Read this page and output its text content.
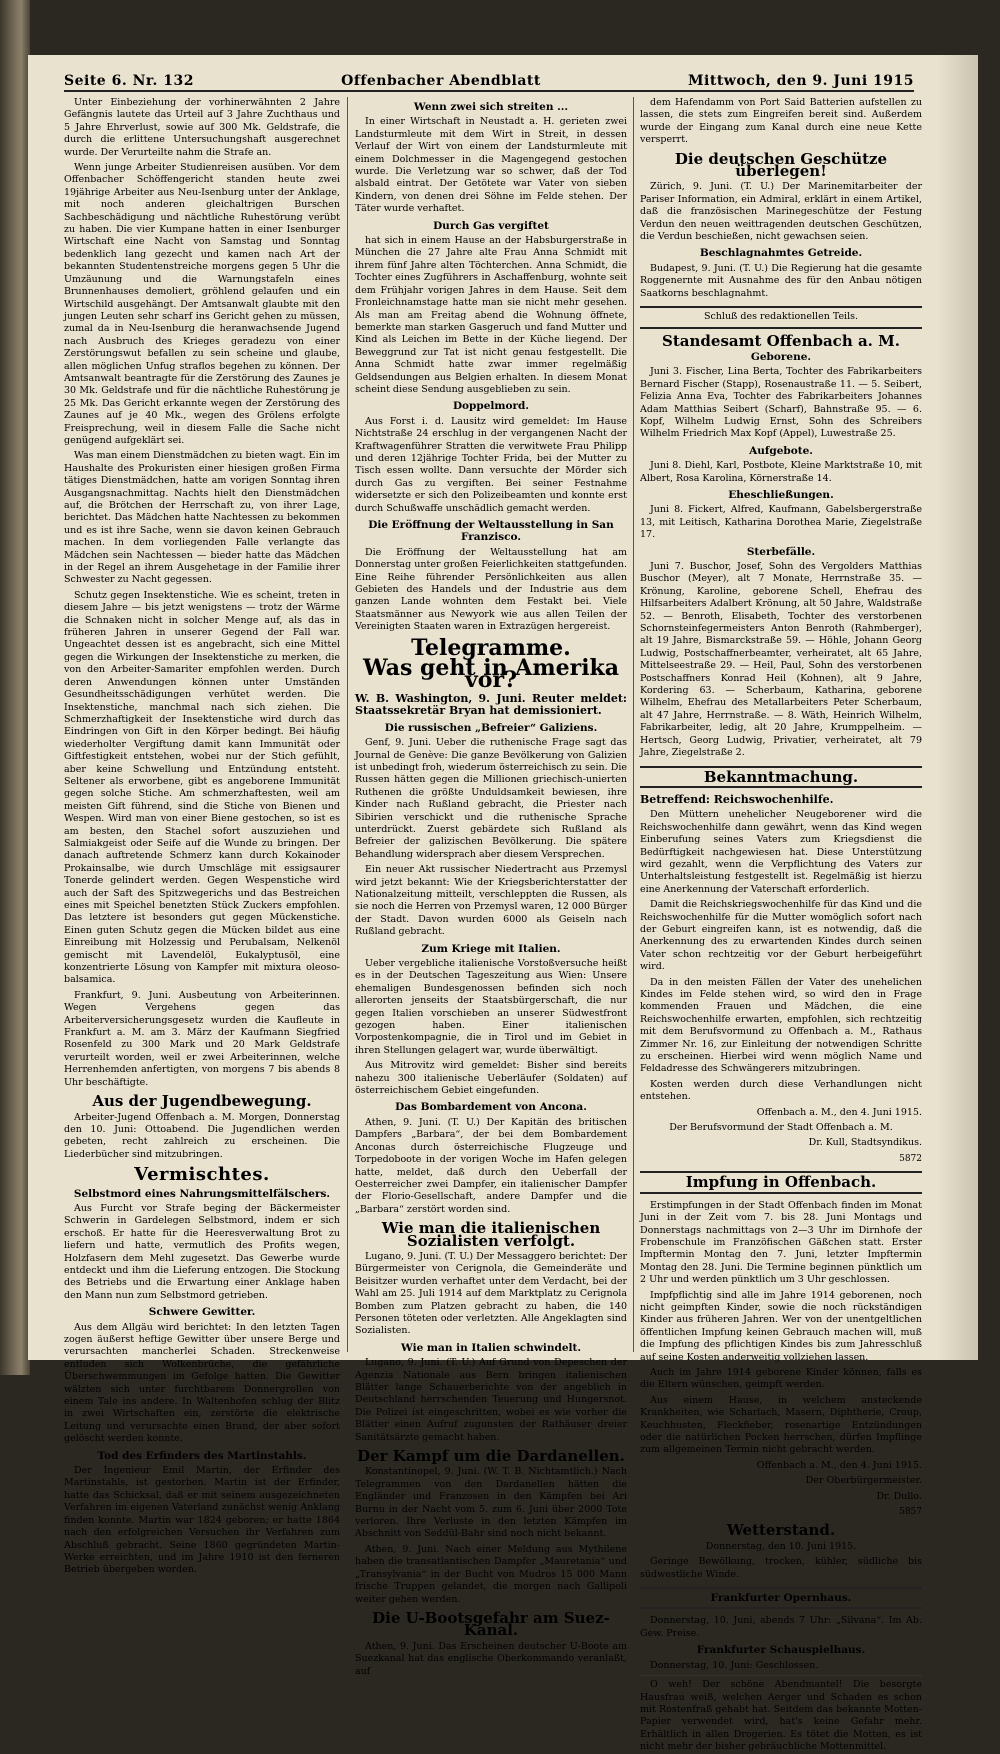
Seite 6. Nr. 132	Offenbacher Abendblatt	Mittwoch, den 9. Juni 1915

Unter Einbeziehung der vorhinerwähnten 2 Jahre Gefängnis lautete das Urteil auf 3 Jahre Zuchthaus und 5 Jahre Ehrverlust, sowie auf 300 Mk. Geldstrafe, die durch die erlittene Untersuchungshaft ausgerechnet wurde. Der Verurteilte nahm die Strafe an.

Wenn junge Arbeiter Studienreisen ausüben. Vor dem Offenbacher Schöffengericht standen heute zwei 19jährige Arbeiter aus Neu-Isenburg unter der Anklage, mit noch anderen gleichaltrigen Burschen Sachbeschädigung und nächtliche Ruhestörung verübt zu haben. Die vier Kumpane hatten in einer Isenburger Wirtschaft eine Nacht von Samstag und Sonntag bedenklich lang gezecht und kamen nach Art der bekannten Studentenstreiche morgens gegen 5 Uhr die Umzäunung und die Warnungstafeln eines Brunnenhauses demoliert, gröhlend gelaufen und ein Wirtschild ausgehängt. Der Amtsanwalt glaubte mit den jungen Leuten sehr scharf ins Gericht gehen zu müssen, zumal da in Neu-Isenburg die heranwachsende Jugend nach Ausbruch des Krieges geradezu von einer Zerstörungswut befallen zu sein scheine und glaube, allen möglichen Unfug straflos begehen zu können. Der Amtsanwalt beantragte für die Zerstörung des Zaunes je 30 Mk. Geldstrafe und für die nächtliche Ruhestörung je 25 Mk. Das Gericht erkannte wegen der Zerstörung des Zaunes auf je 40 Mk., wegen des Grölens erfolgte Freisprechung, weil in diesem Falle die Sache nicht genügend aufgeklärt sei.

Was man einem Dienstmädchen zu bieten wagt. Ein im Haushalte des Prokuristen einer hiesigen großen Firma tätiges Dienstmädchen, hatte am vorigen Sonntag ihren Ausgangsnachmittag. Nachts hielt den Dienstmädchen auf, die Brötchen der Herrschaft zu, von ihrer Lage, berichtet. Das Mädchen hatte Nachtessen zu bekommen und es ist ihre Sache, wenn sie davon keinen Gebrauch machen. In dem vorliegenden Falle verlangte das Mädchen sein Nachtessen — bieder hatte das Mädchen in der Regel an ihrem Ausgehetage in der Familie ihrer Schwester zu Nacht gegessen.

Schutz gegen Insektenstiche. Wie es scheint, treten in diesem Jahre — bis jetzt wenigstens — trotz der Wärme die Schnaken nicht in solcher Menge auf, als das in früheren Jahren in unserer Gegend der Fall war. Ungeachtet dessen ist es angebracht, sich eine Mittel gegen die Wirkungen der Insektenstiche zu merken, die von den Arbeiter-Samariter empfohlen werden. Durch deren Anwendungen können unter Umständen Gesundheitsschädigungen verhütet werden. Die Insektenstiche, manchmal nach sich ziehen. Die Schmerzhaftigkeit der Insektenstiche wird durch das Eindringen von Gift in den Körper bedingt. Bei häufig wiederholter Vergiftung damit kann Immunität oder Giftfestigkeit entstehen, wobei nur der Stich gefühlt, aber keine Schwellung und Entzündung entsteht. Seltener als erworbene, gibt es angeborene Immunität gegen solche Stiche. Am schmerzhaftesten, weil am meisten Gift führend, sind die Stiche von Bienen und Wespen. Wird man von einer Biene gestochen, so ist es am besten, den Stachel sofort auszuziehen und Salmiakgeist oder Seife auf die Wunde zu bringen. Der danach auftretende Schmerz kann durch Kokainoder Prokainsalbe, wie durch Umschläge mit essigsaurer Tonerde gelindert werden. Gegen Wespenstiche wird auch der Saft des Spitzwegerichs und das Bestreichen eines mit Speichel benetzten Stück Zuckers empfohlen. Das letztere ist besonders gut gegen Mückenstiche. Einen guten Schutz gegen die Mücken bildet aus eine Einreibung mit Holzessig und Perubalsam, Nelkenöl gemischt mit Lavendelöl, Eukalyptusöl, eine konzentrierte Lösung von Kampfer mit mixtura oleoso-balsamica.

Frankfurt, 9. Juni. Ausbeutung von Arbeiterinnen. Wegen Vergehens gegen das Arbeiterversicherungsgesetz wurden die Kaufleute in Frankfurt a. M. am 3. März der Kaufmann Siegfried Rosenfeld zu 300 Mark und 20 Mark Geldstrafe verurteilt worden, weil er zwei Arbeiterinnen, welche Herrenhemden anfertigten, von morgens 7 bis abends 8 Uhr beschäftigte.

Aus der Jugendbewegung.

Arbeiter-Jugend Offenbach a. M. Morgen, Donnerstag den 10. Juni: Ottoabend. Die Jugendlichen werden gebeten, recht zahlreich zu erscheinen. Die Liederbücher sind mitzubringen.

Vermischtes.
Selbstmord eines Nahrungsmittelfälschers.

Aus Furcht vor Strafe beging der Bäckermeister Schwerin in Gardelegen Selbstmord, indem er sich erschoß. Er hatte für die Heeresverwaltung Brot zu liefern und hatte, vermutlich des Profits wegen, Holzfasern dem Mehl zugesetzt. Das Gewerbe wurde entdeckt und ihm die Lieferung entzogen. Die Stockung des Betriebs und die Erwartung einer Anklage haben den Mann nun zum Selbstmord getrieben.

Schwere Gewitter.

Aus dem Allgäu wird berichtet: In den letzten Tagen zogen äußerst heftige Gewitter über unsere Berge und verursachten mancherlei Schaden. Streckenweise entluden sich Wolkenbrüche, die gefährliche Überschwemmungen im Gefolge hatten. Die Gewitter wälzten sich unter furchtbarem Donnergrollen von einem Tale ins andere. In Waltenhofen schlug der Blitz in zwei Wirtschaften ein, zerstörte die elektrische Leitung und verursachte einen Brand, der aber sofort gelöscht werden konnte.

Tod des Erfinders des Martinstahls.

Der Ingenieur Emil Martin, der Erfinder des Martinstahls, ist gestorben. Martin ist der Erfinder, hatte das Schicksal, daß er mit seinem ausgezeichneten Verfahren im eigenen Vaterland zunächst wenig Anklang finden konnte. Martin war 1824 geboren; er hatte 1864 nach den erfolgreichen Versuchen ihr Verfahren zum Abschluß gebracht. Seine 1860 gegründeten Martin-Werke erreichten, und im Jahre 1910 ist den ferneren Betrieb übergeben worden.

Wenn zwei sich streiten ...

In einer Wirtschaft in Neustadt a. H. gerieten zwei Landsturmleute mit dem Wirt in Streit, in dessen Verlauf der Wirt von einem der Landsturmleute mit einem Dolchmesser in die Magengegend gestochen wurde. Die Verletzung war so schwer, daß der Tod alsbald eintrat. Der Getötete war Vater von sieben Kindern, von denen drei Söhne im Felde stehen. Der Täter wurde verhaftet.

Durch Gas vergiftet

hat sich in einem Hause an der Habsburgerstraße in München die 27 Jahre alte Frau Anna Schmidt mit ihrem fünf Jahre alten Töchterchen. Anna Schmidt, die Tochter eines Zugführers in Aschaffenburg, wohnte seit dem Frühjahr vorigen Jahres in dem Hause. Seit dem Fronleichnamstage hatte man sie nicht mehr gesehen. Als man am Freitag abend die Wohnung öffnete, bemerkte man starken Gasgeruch und fand Mutter und Kind als Leichen im Bette in der Küche liegend. Der Beweggrund zur Tat ist nicht genau festgestellt. Die Anna Schmidt hatte zwar immer regelmäßig Geldsendungen aus Belgien erhalten. In diesem Monat scheint diese Sendung ausgeblieben zu sein.

Doppelmord.

Aus Forst i. d. Lausitz wird gemeldet: Im Hause Nichtstraße 24 erschlug in der vergangenen Nacht der Kraftwagenführer Stratten die verwitwete Frau Philipp und deren 12jährige Tochter Frida, bei der Mutter zu Tisch essen wollte. Dann versuchte der Mörder sich durch Gas zu vergiften. Bei seiner Festnahme widersetzte er sich den Polizeibeamten und konnte erst durch Schußwaffe unschädlich gemacht werden.

Die Eröffnung der Weltausstellung in San Franzisco.

Die Eröffnung der Weltausstellung hat am Donnerstag unter großen Feierlichkeiten stattgefunden. Eine Reihe führender Persönlichkeiten aus allen Gebieten des Handels und der Industrie aus dem ganzen Lande wohnten dem Festakt bei. Viele Staatsmänner aus Newyork wie aus allen Teilen der Vereinigten Staaten waren in Extrazügen hergereist.

Telegramme.
Was geht in Amerika vor?

W. B. Washington, 9. Juni. Reuter meldet: Staatssekretär Bryan hat demissioniert.

Die russischen „Befreier“ Galiziens.

Genf, 9. Juni. Ueber die ruthenische Frage sagt das Journal de Genève: Die ganze Bevölkerung von Galizien ist unbedingt froh, wiederum österreichisch zu sein. Die Russen hätten gegen die Millionen griechisch-unierten Ruthenen die größte Unduldsamkeit bewiesen, ihre Kinder nach Rußland gebracht, die Priester nach Sibirien verschickt und die ruthenische Sprache unterdrückt. Zuerst gebärdete sich Rußland als Befreier der galizischen Bevölkerung. Die spätere Behandlung widersprach aber diesem Versprechen.

Ein neuer Akt russischer Niedertracht aus Przemysl wird jetzt bekannt: Wie der Kriegsberichterstatter der Nationalzeitung mitteilt, verschleppten die Russen, als sie noch die Herren von Przemysl waren, 12 000 Bürger der Stadt. Davon wurden 6000 als Geiseln nach Rußland gebracht.

Zum Kriege mit Italien.

Ueber vergebliche italienische Vorstoßversuche heißt es in der Deutschen Tageszeitung aus Wien: Unsere ehemaligen Bundesgenossen befinden sich noch allerorten jenseits der Staatsbürgerschaft, die nur gegen Italien vorschieben an unserer Südwestfront gezogen haben. Einer italienischen Vorpostenkompagnie, die in Tirol und im Gebiet in ihren Stellungen gelagert war, wurde überwältigt.

Aus Mitrovitz wird gemeldet: Bisher sind bereits nahezu 300 italienische Ueberläufer (Soldaten) auf österreichischem Gebiet eingefunden.

Das Bombardement von Ancona.

Athen, 9. Juni. (T. U.) Der Kapitän des britischen Dampfers „Barbara“, der bei dem Bombardement Anconas durch österreichische Flugzeuge und Torpedoboote in der vorigen Woche im Hafen gelegen hatte, meldet, daß durch den Ueberfall der Oesterreicher zwei Dampfer, ein italienischer Dampfer der Florio-Gesellschaft, andere Dampfer und die „Barbara“ zerstört worden sind.

Wie man die italienischen Sozialisten verfolgt.

Lugano, 9. Juni. (T. U.) Der Messaggero berichtet: Der Bürgermeister von Cerignola, die Gemeinderäte und Beisitzer wurden verhaftet unter dem Verdacht, bei der Wahl am 25. Juli 1914 auf dem Marktplatz zu Cerignola Bomben zum Platzen gebracht zu haben, die 140 Personen töteten oder verletzten. Alle Angeklagten sind Sozialisten.

Wie man in Italien schwindelt.

Lugano, 9. Juni. (T. U.) Auf Grund von Depeschen der Agenzia Nationale aus Bern bringen italienischen Blätter lange Schauerberichte von der angeblich in Deutschland herrschenden Teuerung und Hungersnot. Die Polizei ist eingeschritten, wobei es wie vorher die Blätter einen Aufruf zugunsten der Rathäuser dreier Sanitätsärzte gemacht haben.

Der Kampf um die Dardanellen.

Konstantinopel, 9. Juni. (W. T. B. Nichtamtlich.) Nach Telegrammen von den Dardanellen hätten die Engländer und Franzosen in den Kämpfen bei Ari Burnu in der Nacht vom 5. zum 6. Juni über 2000 Tote verloren. Ihre Verluste in den letzten Kämpfen im Abschnitt von Seddül-Bahr sind noch nicht bekannt.

Athen, 9. Juni. Nach einer Meldung aus Mythilene haben die transatlantischen Dampfer „Mauretania“ und „Transylvania“ in der Bucht von Mudros 15 000 Mann frische Truppen gelandet, die morgen nach Gallipoli weiter gehen werden.

Die U-Bootsgefahr am Suez-Kanal.

Athen, 9. Juni. Das Erscheinen deutscher U-Boote am Suezkanal hat das englische Oberkommando veranlaßt, auf

dem Hafendamm von Port Said Batterien aufstellen zu lassen, die stets zum Eingreifen bereit sind. Außerdem wurde der Eingang zum Kanal durch eine neue Kette versperrt.

Die deutschen Geschütze überlegen!

Zürich, 9. Juni. (T. U.) Der Marinemitarbeiter der Pariser Information, ein Admiral, erklärt in einem Artikel, daß die französischen Marinegeschütze der Festung Verdun den neuen weittragenden deutschen Geschützen, die Verdun beschießen, nicht gewachsen seien.

Beschlagnahmtes Getreide.

Budapest, 9. Juni. (T. U.) Die Regierung hat die gesamte Roggenernte mit Ausnahme des für den Anbau nötigen Saatkorns beschlagnahmt.

Schluß des redaktionellen Teils.
Standesamt Offenbach a. M.
Geborene.

Juni 3. Fischer, Lina Berta, Tochter des Fabrikarbeiters Bernard Fischer (Stapp), Rosenaustraße 11. — 5. Seibert, Felizia Anna Eva, Tochter des Fabrikarbeiters Johannes Adam Matthias Seibert (Scharf), Bahnstraße 95. — 6. Kopf, Wilhelm Ludwig Ernst, Sohn des Schreibers Wilhelm Friedrich Max Kopf (Appel), Luwestraße 25.

Aufgebote.

Juni 8. Diehl, Karl, Postbote, Kleine Marktstraße 10, mit Albert, Rosa Karolina, Körnerstraße 14.

Eheschließungen.

Juni 8. Fickert, Alfred, Kaufmann, Gabelsbergerstraße 13, mit Leitisch, Katharina Dorothea Marie, Ziegelstraße 17.

Sterbefälle.

Juni 7. Buschor, Josef, Sohn des Vergolders Matthias Buschor (Meyer), alt 7 Monate, Herrnstraße 35. — Krönung, Karoline, geborene Schell, Ehefrau des Hilfsarbeiters Adalbert Krönung, alt 50 Jahre, Waldstraße 52. — Benroth, Elisabeth, Tochter des verstorbenen Schornsteinfegermeisters Anton Benroth (Rahmberger), alt 19 Jahre, Bismarckstraße 59. — Höhle, Johann Georg Ludwig, Postschaffnerbeamter, verheiratet, alt 65 Jahre, Mittelseestraße 29. — Heil, Paul, Sohn des verstorbenen Postschaffners Konrad Heil (Kohnen), alt 9 Jahre, Kordering 63. — Scherbaum, Katharina, geborene Wilhelm, Ehefrau des Metallarbeiters Peter Scherbaum, alt 47 Jahre, Herrnstraße. — 8. Wäth, Heinrich Wilhelm, Fabrikarbeiter, ledig, alt 20 Jahre, Krumppelheim. — Hertsch, Georg Ludwig, Privatier, verheiratet, alt 79 Jahre, Ziegelstraße 2.

Bekanntmachung.

Betreffend: Reichswochenhilfe.

Den Müttern unehelicher Neugeborener wird die Reichswochenhilfe dann gewährt, wenn das Kind wegen Einberufung seines Vaters zum Kriegsdienst die Bedürftigkeit nachgewiesen hat. Diese Unterstützung wird gezahlt, wenn die Verpflichtung des Vaters zur Unterhaltsleistung festgestellt ist. Regelmäßig ist hierzu eine Anerkennung der Vaterschaft erforderlich.

Damit die Reichskriegswochenhilfe für das Kind und die Reichswochenhilfe für die Mutter womöglich sofort nach der Geburt eingreifen kann, ist es notwendig, daß die Anerkennung des zu erwartenden Kindes durch seinen Vater schon rechtzeitig vor der Geburt herbeigeführt wird.

Da in den meisten Fällen der Vater des unehelichen Kindes im Felde stehen wird, so wird den in Frage kommenden Frauen und Mädchen, die eine Reichswochenhilfe erwarten, empfohlen, sich rechtzeitig mit dem Berufsvormund zu Offenbach a. M., Rathaus Zimmer Nr. 16, zur Einleitung der notwendigen Schritte zu erscheinen. Hierbei wird wenn möglich Name und Feldadresse des Schwängerers mitzubringen.

Kosten werden durch diese Verhandlungen nicht entstehen.

Offenbach a. M., den 4. Juni 1915.

Der Berufsvormund der Stadt Offenbach a. M.

Dr. Kull, Stadtsyndikus.

5872

Impfung in Offenbach.

Erstimpfungen in der Stadt Offenbach finden im Monat Juni in der Zeit vom 7. bis 28. Juni Montags und Donnerstags nachmittags von 2—3 Uhr im Dirnhofe der Frobenschule im Franzöfischen Gäßchen statt. Erster Impftermin Montag den 7. Juni, letzter Impftermin Montag den 28. Juni. Die Termine beginnen pünktlich um 2 Uhr und werden pünktlich um 3 Uhr geschlossen.

Impfpflichtig sind alle im Jahre 1914 geborenen, noch nicht geimpften Kinder, sowie die noch rückständigen Kinder aus früheren Jahren. Wer von der unentgeltlichen öffentlichen Impfung keinen Gebrauch machen will, muß die Impfung des pflichtigen Kindes bis zum Jahresschluß auf seine Kosten anderweitig vollziehen lassen.

Auch im Jahre 1914 geborene Kinder können, falls es die Eltern wünschen, geimpft werden.

Aus einem Hause, in welchem ansteckende Krankheiten, wie Scharlach, Masern, Diphtherie, Croup, Keuchhusten, Fleckfieber, rosenartige Entzündungen oder die natürlichen Pocken herrschen, dürfen Impflinge zum allgemeinen Termin nicht gebracht werden.

Offenbach a. M., den 4. Juni 1915.

Der Oberbürgermeister.

Dr. Dullo.

5857

Wetterstand.

Donnerstag, den 10. Juni 1915.

Geringe Bewölkung, trocken, kühler, südliche bis südwestliche Winde.

Frankfurter Opernhaus.

Donnerstag, 10. Juni, abends 7 Uhr: „Silvana“. Im Ab. Gew. Preise.

Frankfurter Schauspielhaus.

Donnerstag, 10. Juni: Geschlossen.

O weh! Der schöne Abendmantel! Die besorgte Hausfrau weiß, welchen Aerger und Schaden es schon mit Rostenfraß gehabt hat. Seitdem das bekannte Motten-Papier verwendet wird, hat's keine Gefahr mehr. Erhältlich in allen Drogerien. Es tötet die Motten, es ist nicht mehr der bisher gebräuchliche Mottenmittel.
